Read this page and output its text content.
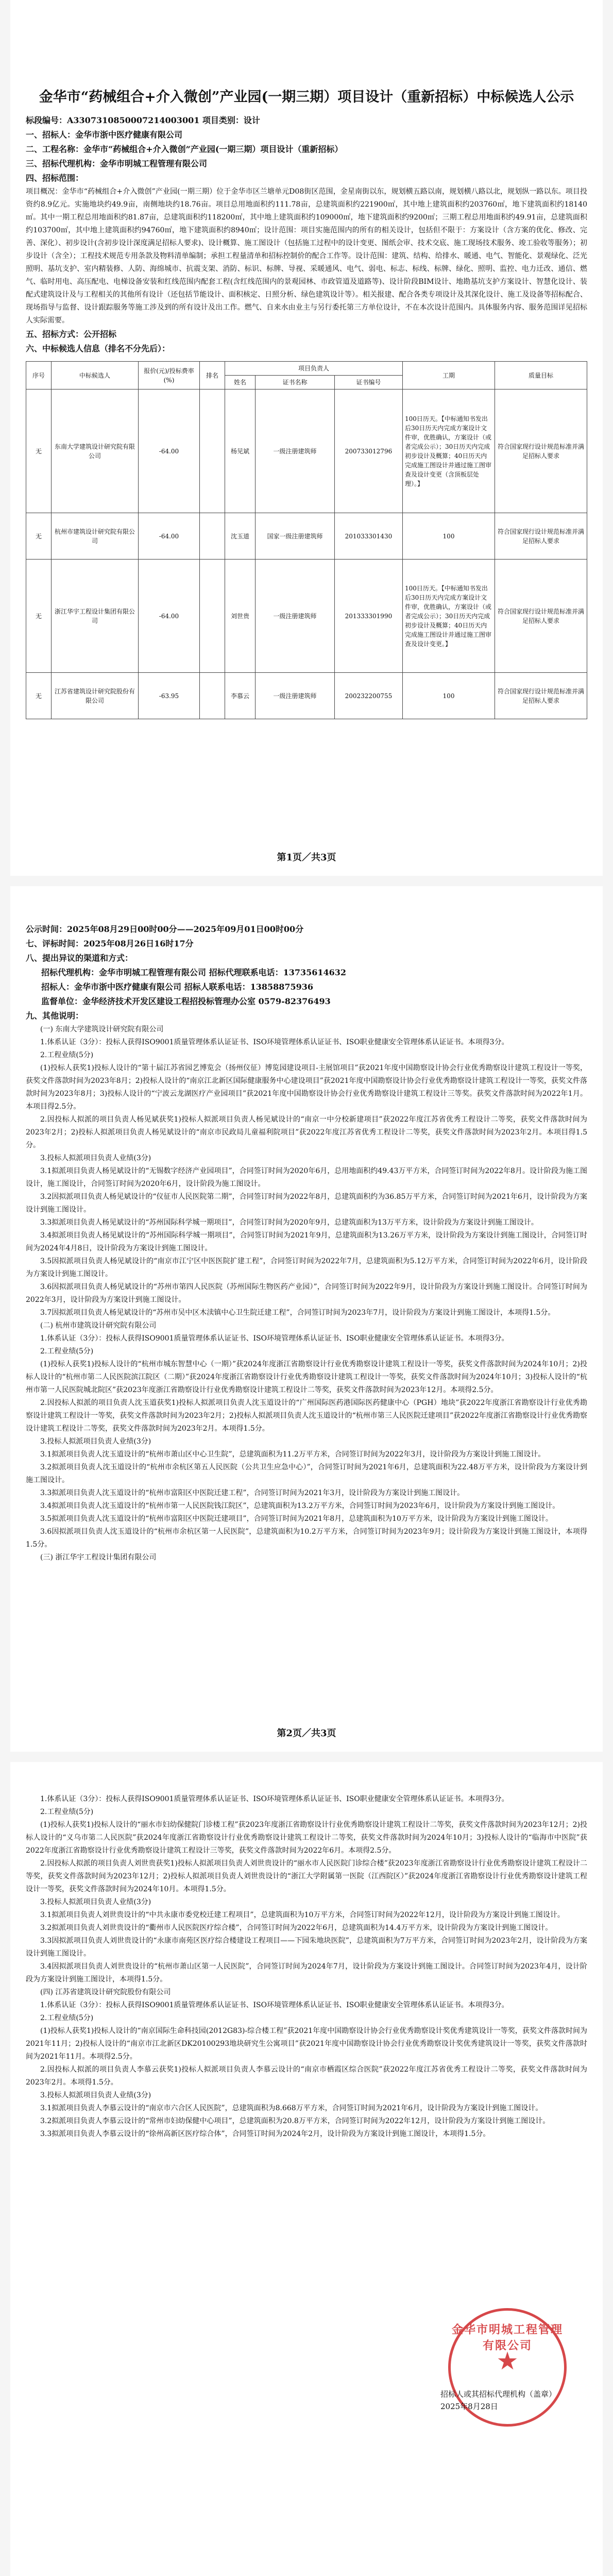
金华市“药械组合+介入微创”产业园(一期三期）项目设计（重新招标）中标候选人公示
标段编号：A330731085000721400300​1 项目类别：设计
一、招标人：金华市浙中医疗健康有限公司
二、工程名称：金华市“药械组合+介入微创”产业园(一期三期）项目设计（重新招标）
三、招标代理机构：金华市明城工程管理有限公司
四、招标范围：
项目概况：金华市“药械组合+介入微创”产业园(一期三期）位于金华市区兰塘单元D08街区范围，金星南街以东，规划横五路以南，规划横八路以北，规划纵一路以东。项目投资约8.9亿元。实施地块约49.9亩，南侧地块约18.76亩。项目总用地面积约111.78亩，总建筑面积约221900㎡，其中地上建筑面积约203760㎡，地下建筑面积约18140㎡。其中一期工程总用地面积约81.87亩，总建筑面积约118200㎡，其中地上建筑面积约109000㎡，地下建筑面积约9200㎡；三期工程总用地面积约49.91亩，总建筑面积约103700㎡，其中地上建筑面积约94760㎡，地下建筑面积约8940㎡；设计范围：项目实施范围内的所有的相关设计，包括但不限于：方案设计（含方案的优化、修改、完善、深化）、初步设计(含初步设计深度满足招标人要求)、设计概算、施工图设计（包括施工过程中的设计变更、图纸会审、技术交底、施工现场技术服务、竣工验收等服务）；初步设计（含全）；工程技术规范专用条款及物料清单编制；承担工程量清单和招标控制价的配合工作等。设计范围：建筑、结构、给排水、暖通、电气、智能化、景观绿化、泛光照明、基坑支护、室内精装修、人防、海绵城市、抗震支架、消防、标识、标牌、导视、采暖通风、电气、弱电、标志、标线、标牌、绿化、照明、监控、电力迁改、通信、燃气、临时用电、高压配电、电梯设备安装和红线范围内配套工程(含红线范围内的景观园林、市政管道及道路等)、设计阶段BIM设计、地勘基坑支护方案设计、智慧化设计、装配式建筑设计及与工程相关的其他所有设计（还包括节能设计、面积核定、日照分析、绿色建筑设计等）。相关报建、配合各类专项设计及其深化设计、施工及设备等招标配合、现场指导与监督、设计跟踪服务等施工涉及到的所有设计及出工作。燃气、自来水由业主与另行委托第三方单位设计，不在本次设计范围内。具体服务内容、服务范围详见招标人实际需要。
五、招标方式：公开招标
六、中标候选人信息（排名不分先后）：
序号	中标候选人	报价(元)/投标费率(%)	排名	项目负责人			工期	质量目标
				姓名	证书名称	证书编号		
无	东南大学建筑设计研究院有限公司	-64.00		杨见斌	一级注册建筑师	200733012796	100日历天。【中标通知书发出后30日历天内完成方案设计文件审，优胜确认，方案设计（或者完成公示）；30日历天内完成初步设计及概算；40日历天内完成施工图设计并通过施工图审查及设计变更（含顶板层处理）。】	符合国家现行设计规范标准并满足招标人要求
无	杭州市建筑设计研究院有限公司	-64.00		沈玉道	国家一级注册建筑师	201033301430	100	符合国家现行设计规范标准并满足招标人要求
无	浙江华宇工程设计集团有限公司	-64.00		刘世贵	一级注册建筑师	201333301990	100日历天。【中标通知书发出后30日历天内完成方案设计文件审，优胜确认，方案设计（或者完成公示）；30日历天内完成初步设计及概算；40日历天内完成施工图设计并通过施工图审查及设计变更。】	符合国家现行设计规范标准并满足招标人要求
无	江苏省建筑设计研究院股份有限公司	-63.95		李慕云	一级注册建筑师	200232200755	100	符合国家现行设计规范标准并满足招标人要求
第1页／共3页
公示时间：2025年08月29日00时00分——2025年09月01日00时00分
七、评标时间：2025年08月26日16时17分
八、提出异议的渠道和方式：
招标代理机构：金华市明城工程管理有限公司 招标代理联系电话：13735614632
招标人：金华市浙中医疗健康有限公司 招标人联系电话：13858875936
监督单位：金华经济技术开发区建设工程招投标管理办公室 0579-82376493
九、其他说明：
(一) 东南大学建筑设计研究院有限公司
1.体系认证（3分）：投标人获得ISO9001质量管理体系认证证书、ISO环境管理体系认证证书、ISO职业健康安全管理体系认证证书。本项得3分。
2.工程业绩(5分)
(1)投标人获奖1)投标人设计的“第十届江苏省园艺博览会（扬州仪征）博览园建设项目-主展馆项目”获2021年度中国勘察设计协会行业优秀勘察设计建筑工程设计一等奖，获奖文件落款时间为2023年8月；2)投标人设计的“南京江北新区国际健康服务中心建设项目”获2021年度中国勘察设计协会行业优秀勘察设计建筑工程设计一等奖，获奖文件落款时间为2023年8月；3)投标人设计的“宁波云龙湖医疗产业园项目”获2021年度中国勘察设计协会行业优秀勘察设计建筑工程设计三等奖。获奖文件落款时间为2022年1月。本项目得2.5分。
2.因投标人拟派的项目负责人杨见斌获奖1)投标人拟派项目负责人杨见斌设计的“南京一中分校新建项目”获2022年度江苏省优秀工程设计二等奖，获奖文件落款时间为2023年2月；2)投标人拟派项目负责人杨见斌设计的“南京市民政局儿童福利院项目”获2022年度江苏省优秀工程设计二等奖，获奖文件落款时间为2023年2月。本项目得1.5分。
3.投标人拟派项目负责人业绩(3分)
3.1拟派项目负责人杨见斌设计的“无锡数字经济产业园项目”，合同签订时间为2020年6月，总用地面积约49.43万平方米，合同签订时间为2022年8月。设计阶段为施工图设计，施工图设计，合同签订时间为2020年6月，设计阶段为施工图设计。
3.2因拟派项目负责人杨见斌设计的“仪征市人民医院第二期”，合同签订时间为2022年8月，总建筑面积约为36.85万平方米，合同签订时间为2021年6月，设计阶段为方案设计到施工图设计。
3.3拟派项目负责人杨见斌设计的“苏州国际科学城一期项目”，合同签订时间为2020年9月，总建筑面积为13万平方米，设计阶段为方案设计到施工图设计。
3.4拟派项目负责人杨见斌设计的“苏州国际科学城一期项目”，合同签订时间为2021年9月，总建筑面积为13.26万平方米，设计阶段为方案设计到施工图设计，合同签订时间为2024年4月8日，设计阶段为方案设计到施工图设计。
3.5因拟派项目负责人杨见斌设计的“南京市江宁区中医医院扩建工程”，合同签订时间为2022年7月，总建筑面积为5.12万平方米，合同签订时间为2022年6月，设计阶段为方案设计到施工图设计。
3.6因拟派项目负责人杨见斌设计的“苏州市第四人民医院（苏州国际生物医药产业园）”，合同签订时间为2022年9月，设计阶段为方案设计到施工图设计。合同签订时间为2022年3月，设计阶段为方案设计到施工图设计。
3.7因拟派项目负责人杨见斌设计的“苏州市吴中区木渎镇中心卫生院迁建工程”，合同签订时间为2023年7月，设计阶段为方案设计到施工图设计，本项得1.5分。
(二) 杭州市建筑设计研究院有限公司
1.体系认证（3分）：投标人获得ISO9001质量管理体系认证证书、ISO环境管理体系认证证书、ISO职业健康安全管理体系认证证书。本项得3分。
2.工程业绩(5分)
(1)投标人获奖1)投标人设计的“杭州市城东智慧中心（一期）”获2024年度浙江省勘察设计行业优秀勘察设计建筑工程设计一等奖，获奖文件落款时间为2024年10月；2)投标人设计的“杭州市第二人民医院滨江院区（二期）”获2024年度浙江省勘察设计行业优秀勘察设计建筑工程设计一等奖，获奖文件落款时间为2024年10月；3)投标人设计的“杭州市第一人民医院城北院区”获2023年度浙江省勘察设计行业优秀勘察设计建筑工程设计二等奖，获奖文件落款时间为2023年12月。本项得2.5分。
2.因投标人拟派的项目负责人沈玉道获奖1)投标人拟派项目负责人沈玉道设计的“广州国际医药港国际医药健康中心（PGH）地块”获2022年度浙江省勘察设计行业优秀勘察设计建筑工程设计一等奖，获奖文件落款时间为2023年2月；2)投标人拟派项目负责人沈玉道设计的“杭州市第三人民医院迁建项目”获2022年度浙江省勘察设计行业优秀勘察设计建筑工程设计二等奖，获奖文件落款时间为2023年2月。本项得1.5分。
3.投标人拟派项目负责人业绩(3分)
3.1拟派项目负责人沈玉道设计的“杭州市萧山区中心卫生院”，总建筑面积为11.2万平方米，合同签订时间为2022年3月，设计阶段为方案设计到施工图设计。
3.2拟派项目负责人沈玉道设计的“杭州市余杭区第五人民医院（公共卫生应急中心）”，合同签订时间为2021年6月，总建筑面积为22.48万平方米，设计阶段为方案设计到施工图设计。
3.3拟派项目负责人沈玉道设计的“杭州市富阳区中医院迁建工程”，合同签订时间为2021年3月，设计阶段为方案设计到施工图设计。
3.4拟派项目负责人沈玉道设计的“杭州市第一人民医院钱江院区”，总建筑面积为13.2万平方米，合同签订时间为2023年6月，设计阶段为方案设计到施工图设计。
3.5拟派项目负责人沈玉道设计的“杭州市富阳区中医院迁建项目”，合同签订时间为2021年8月，总建筑面积为10万平方米，设计阶段为方案设计到施工图设计。
3.6因拟派项目负责人沈玉道设计的“杭州市余杭区第一人民医院”，总建筑面积为10.2万平方米，合同签订时间为2023年9月；设计阶段为方案设计到施工图设计，本项得1.5分。
(三) 浙江华宇工程设计集团有限公司
第2页／共3页
1.体系认证（3分）：投标人获得ISO9001质量管理体系认证证书、ISO环境管理体系认证证书、ISO职业健康安全管理体系认证证书。本项得3分。
2.工程业绩(5分)
(1)投标人获奖1)投标人设计的“丽水市妇幼保健院门诊楼工程”获2023年度浙江省勘察设计行业优秀勘察设计建筑工程设计二等奖，获奖文件落款时间为2023年12月；2)投标人设计的“义乌市第二人民医院”获2024年度浙江省勘察设计行业优秀勘察设计建筑工程设计二等奖，获奖文件落款时间为2024年10月；3)投标人设计的“临海市中医院”获2022年度浙江省勘察设计行业优秀勘察设计建筑工程设计三等奖，获奖文件落款时间为2022年6月。本项得2.5分。
2.因投标人拟派的项目负责人刘世贵获奖1)投标人拟派项目负责人刘世贵设计的“丽水市人民医院门诊综合楼”获2023年度浙江省勘察设计行业优秀勘察设计建筑工程设计二等奖，获奖文件落款时间为2023年12月；2)投标人拟派项目负责人刘世贵设计的“浙江大学附属第一医院（江西院区）”获2024年度浙江省勘察设计行业优秀勘察设计建筑工程设计一等奖，获奖文件落款时间为2024年10月。本项得1.5分。
3.投标人拟派项目负责人业绩(3分)
3.1拟派项目负责人刘世贵设计的“中共永康市委党校迁建工程项目”，总建筑面积为10万平方米，合同签订时间为2022年12月，设计阶段为方案设计到施工图设计。
3.2拟派项目负责人刘世贵设计的“衢州市人民医院医疗综合楼”，合同签订时间为2022年6月，总建筑面积为14.4万平方米，设计阶段为方案设计到施工图设计。
3.3因拟派项目负责人刘世贵设计的“永康市南苑区医疗综合楼建设工程项目——下园朱地块医院”，总建筑面积为7万平方米，合同签订时间为2023年2月，设计阶段为方案设计到施工图设计。
3.4因拟派项目负责人刘世贵设计的“杭州市萧山区第一人民医院”，合同签订时间为2024年7月，设计阶段为方案设计到施工图设计。合同签订时间为2023年4月，设计阶段为方案设计到施工图设计，本项得1.5分。
(四) 江苏省建筑设计研究院股份有限公司
1.体系认证（3分）：投标人获得ISO9001质量管理体系认证证书、ISO环境管理体系认证证书、ISO职业健康安全管理体系认证证书。本项得3分。
2.工程业绩(5分)
(1)投标人获奖1)投标人设计的“南京国际生命科技园(2012G83)-综合楼工程”获2021年度中国勘察设计协会行业优秀勘察设计奖优秀建筑设计一等奖，获奖文件落款时间为2021年11月；2)投标人设计的“南京市江北新区DK20100293地块研究生公寓项目”获2021年度中国勘察设计协会行业优秀勘察设计奖优秀建筑设计一等奖，获奖文件落款时间为2021年11月。本项得2.5分。
2.因投标人拟派的项目负责人李慕云获奖1)投标人拟派项目负责人李慕云设计的“南京市栖霞区综合医院”获2022年度江苏省优秀工程设计二等奖，获奖文件落款时间为2023年2月。本项得1.5分。
3.投标人拟派项目负责人业绩(3分)
3.1拟派项目负责人李慕云设计的“南京市六合区人民医院”，总建筑面积为8.668万平方米，合同签订时间为2021年6月，设计阶段为方案设计到施工图设计。
3.2拟派项目负责人李慕云设计的“常州市妇幼保健中心项目”，总建筑面积为20.8万平方米，合同签订时间为2022年12月，设计阶段为方案设计到施工图设计。
3.3拟派项目负责人李慕云设计的“徐州高新区医疗综合体”，合同签订时间为2024年2月，设计阶段为方案设计到施工图设计，本项得1.5分。
金华市明城工程管理有限公司
★
招标人或其招标代理机构（盖章）
2025年8月28日
